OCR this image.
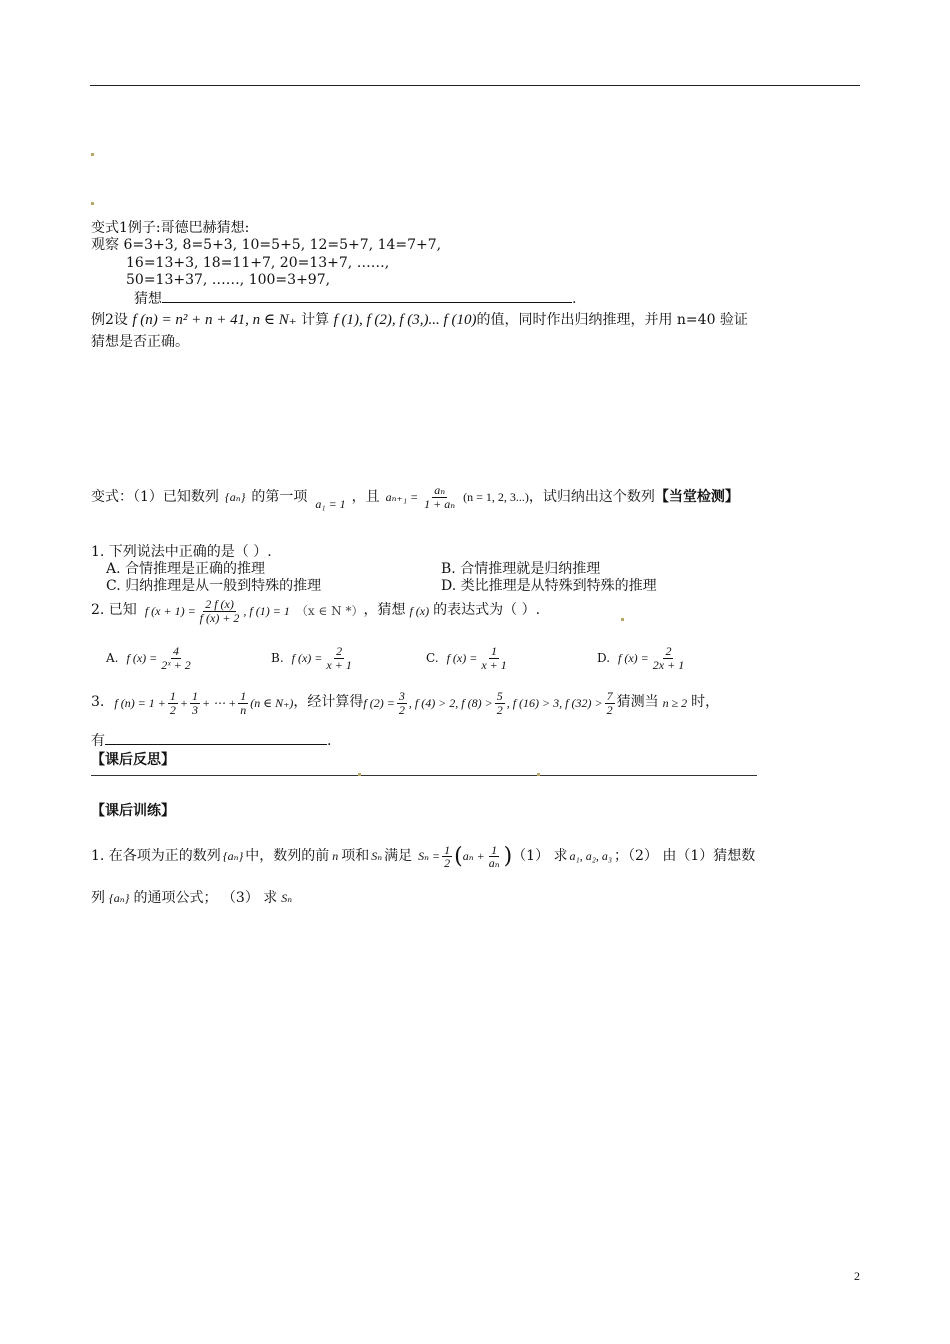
变式1例子:哥德巴赫猜想:
观察 6=3+3, 8=5+3, 10=5+5, 12=5+7, 14=7+7,
16=13+3, 18=11+7, 20=13+7, ……,
50=13+37, ……, 100=3+97,
猜想	.
例2设 f (n) = n² + n + 41, n ∈ N₊ 计算 f (1), f (2), f (3,)... f (10)的值，同时作出归纳推理，并用 n=40 验证
猜想是否正确。
变式：（1）已知数列 {aₙ} 的第一项 a₁ = 1 ，且 $a_{n+1} = \frac{\text{aₙ}}{\text{1 + aₙ}} (n = 1$, 2, 3...) ，试归纳出这个数列 【当堂检测】
1. 下列说法中正确的是（ ）.
A. 合情推理是正确的推理	B. 合情推理就是归纳推理
C. 归纳推理是从一般到特殊的推理	D. 类比推理是从特殊到特殊的推理
2. 已知 f $(x + 1) = \frac{2 f (x)}{f (x) + 2}$ , f (1) = 1 （x ∈ N *） ，猜想 f (x) 的表达式为（ ）.
A. f $(x) = \frac{4}{\text{2ˣ + 2}}$	B. f $(x) = \frac{2}{x + 1}$	C. f $(x) = \frac{1}{x + 1}$	D. f $(x) = \frac{2}{2x + 1}$
3. f $(n) = 1 + \frac{1}{2} + \frac{1}{3}$ + ⋯ + $\frac{1}{n} (n$ ∈ N₊) ，经计算得 f $(2) = \frac{3}{2}$ , f (4) > 2, f $(8) > \frac{5}{2}$ , f (16) > 3, f $(32) > \frac{7}{2}$ 猜测当 n ≥ 2 时，
有	.
【课后反思】
【课后训练】
1. 在各项为正的数列 {aₙ} 中，数列的前 n 项和 Sₙ 满足 $S_n = \frac{1}{2}$ ( $a_n + \frac{1}{\text{aₙ}}$ ) （1） 求 a₁, a₂, a₃ ；（2） 由（1）猜想数
列 {aₙ} 的通项公式； （3） 求 Sₙ
2
